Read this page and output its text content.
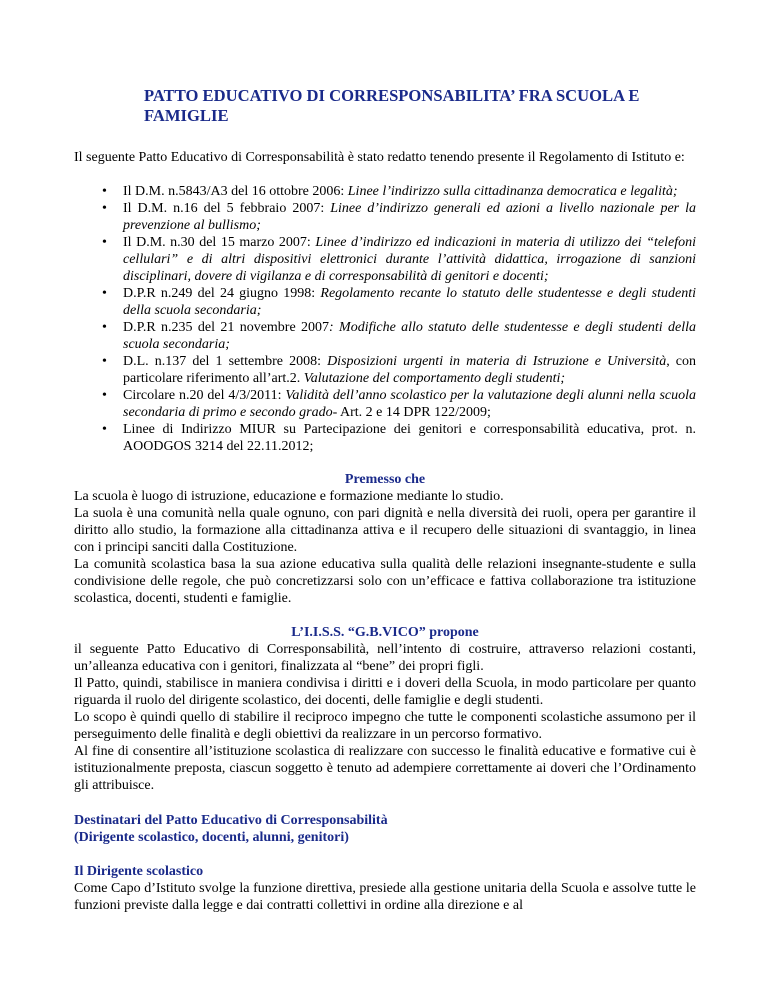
PATTO EDUCATIVO DI CORRESPONSABILITA’ FRA SCUOLA E FAMIGLIE

Il seguente Patto Educativo di Corresponsabilità è stato redatto tenendo presente il Regolamento di Istituto e:

• Il D.M. n.5843/A3 del 16 ottobre 2006: Linee l’indirizzo sulla cittadinanza democratica e legalità;
• Il D.M. n.16 del 5 febbraio 2007: Linee d’indirizzo generali ed azioni a livello nazionale per la prevenzione al bullismo;
• Il D.M. n.30 del 15 marzo 2007: Linee d’indirizzo ed indicazioni in materia di utilizzo dei “telefoni cellulari” e di altri dispositivi elettronici durante l’attività didattica, irrogazione di sanzioni disciplinari, dovere di vigilanza e di corresponsabilità di genitori e docenti;
• D.P.R n.249 del 24 giugno 1998: Regolamento recante lo statuto delle studentesse e degli studenti della scuola secondaria;
• D.P.R n.235 del 21 novembre 2007: Modifiche allo statuto delle studentesse e degli studenti della scuola secondaria;
• D.L. n.137 del 1 settembre 2008: Disposizioni urgenti in materia di Istruzione e Università, con particolare riferimento all’art.2. Valutazione del comportamento degli studenti;
• Circolare n.20 del 4/3/2011: Validità dell’anno scolastico per la valutazione degli alunni nella scuola secondaria di primo e secondo grado- Art. 2 e 14 DPR 122/2009;
• Linee di Indirizzo MIUR su Partecipazione dei genitori e corresponsabilità educativa, prot. n. AOODGOS 3214 del 22.11.2012;
Premesso che

La scuola è luogo di istruzione, educazione e formazione mediante lo studio.

La suola è una comunità nella quale ognuno, con pari dignità e nella diversità dei ruoli, opera per garantire il diritto allo studio, la formazione alla cittadinanza attiva e il recupero delle situazioni di svantaggio, in linea con i principi sanciti dalla Costituzione.

La comunità scolastica basa la sua azione educativa sulla qualità delle relazioni insegnante-studente e sulla condivisione delle regole, che può concretizzarsi solo con un’efficace e fattiva collaborazione tra istituzione scolastica, docenti, studenti e famiglie.

L’I.I.S.S. “G.B.VICO” propone

il seguente Patto Educativo di Corresponsabilità, nell’intento di costruire, attraverso relazioni costanti, un’alleanza educativa con i genitori, finalizzata al “bene” dei propri figli.

Il Patto, quindi, stabilisce in maniera condivisa i diritti e i doveri della Scuola, in modo particolare per quanto riguarda il ruolo del dirigente scolastico, dei docenti, delle famiglie e degli studenti.

Lo scopo è quindi quello di stabilire il reciproco impegno che tutte le componenti scolastiche assumono per il perseguimento delle finalità e degli obiettivi da realizzare in un percorso formativo.

Al fine di consentire all’istituzione scolastica di realizzare con successo le finalità educative e formative cui è istituzionalmente preposta, ciascun soggetto è tenuto ad adempiere correttamente ai doveri che l’Ordinamento gli attribuisce.

Destinatari del Patto Educativo di Corresponsabilità
(Dirigente scolastico, docenti, alunni, genitori)
Il Dirigente scolastico

Come Capo d’Istituto svolge la funzione direttiva, presiede alla gestione unitaria della Scuola e assolve tutte le funzioni previste dalla legge e dai contratti collettivi in ordine alla direzione e al
